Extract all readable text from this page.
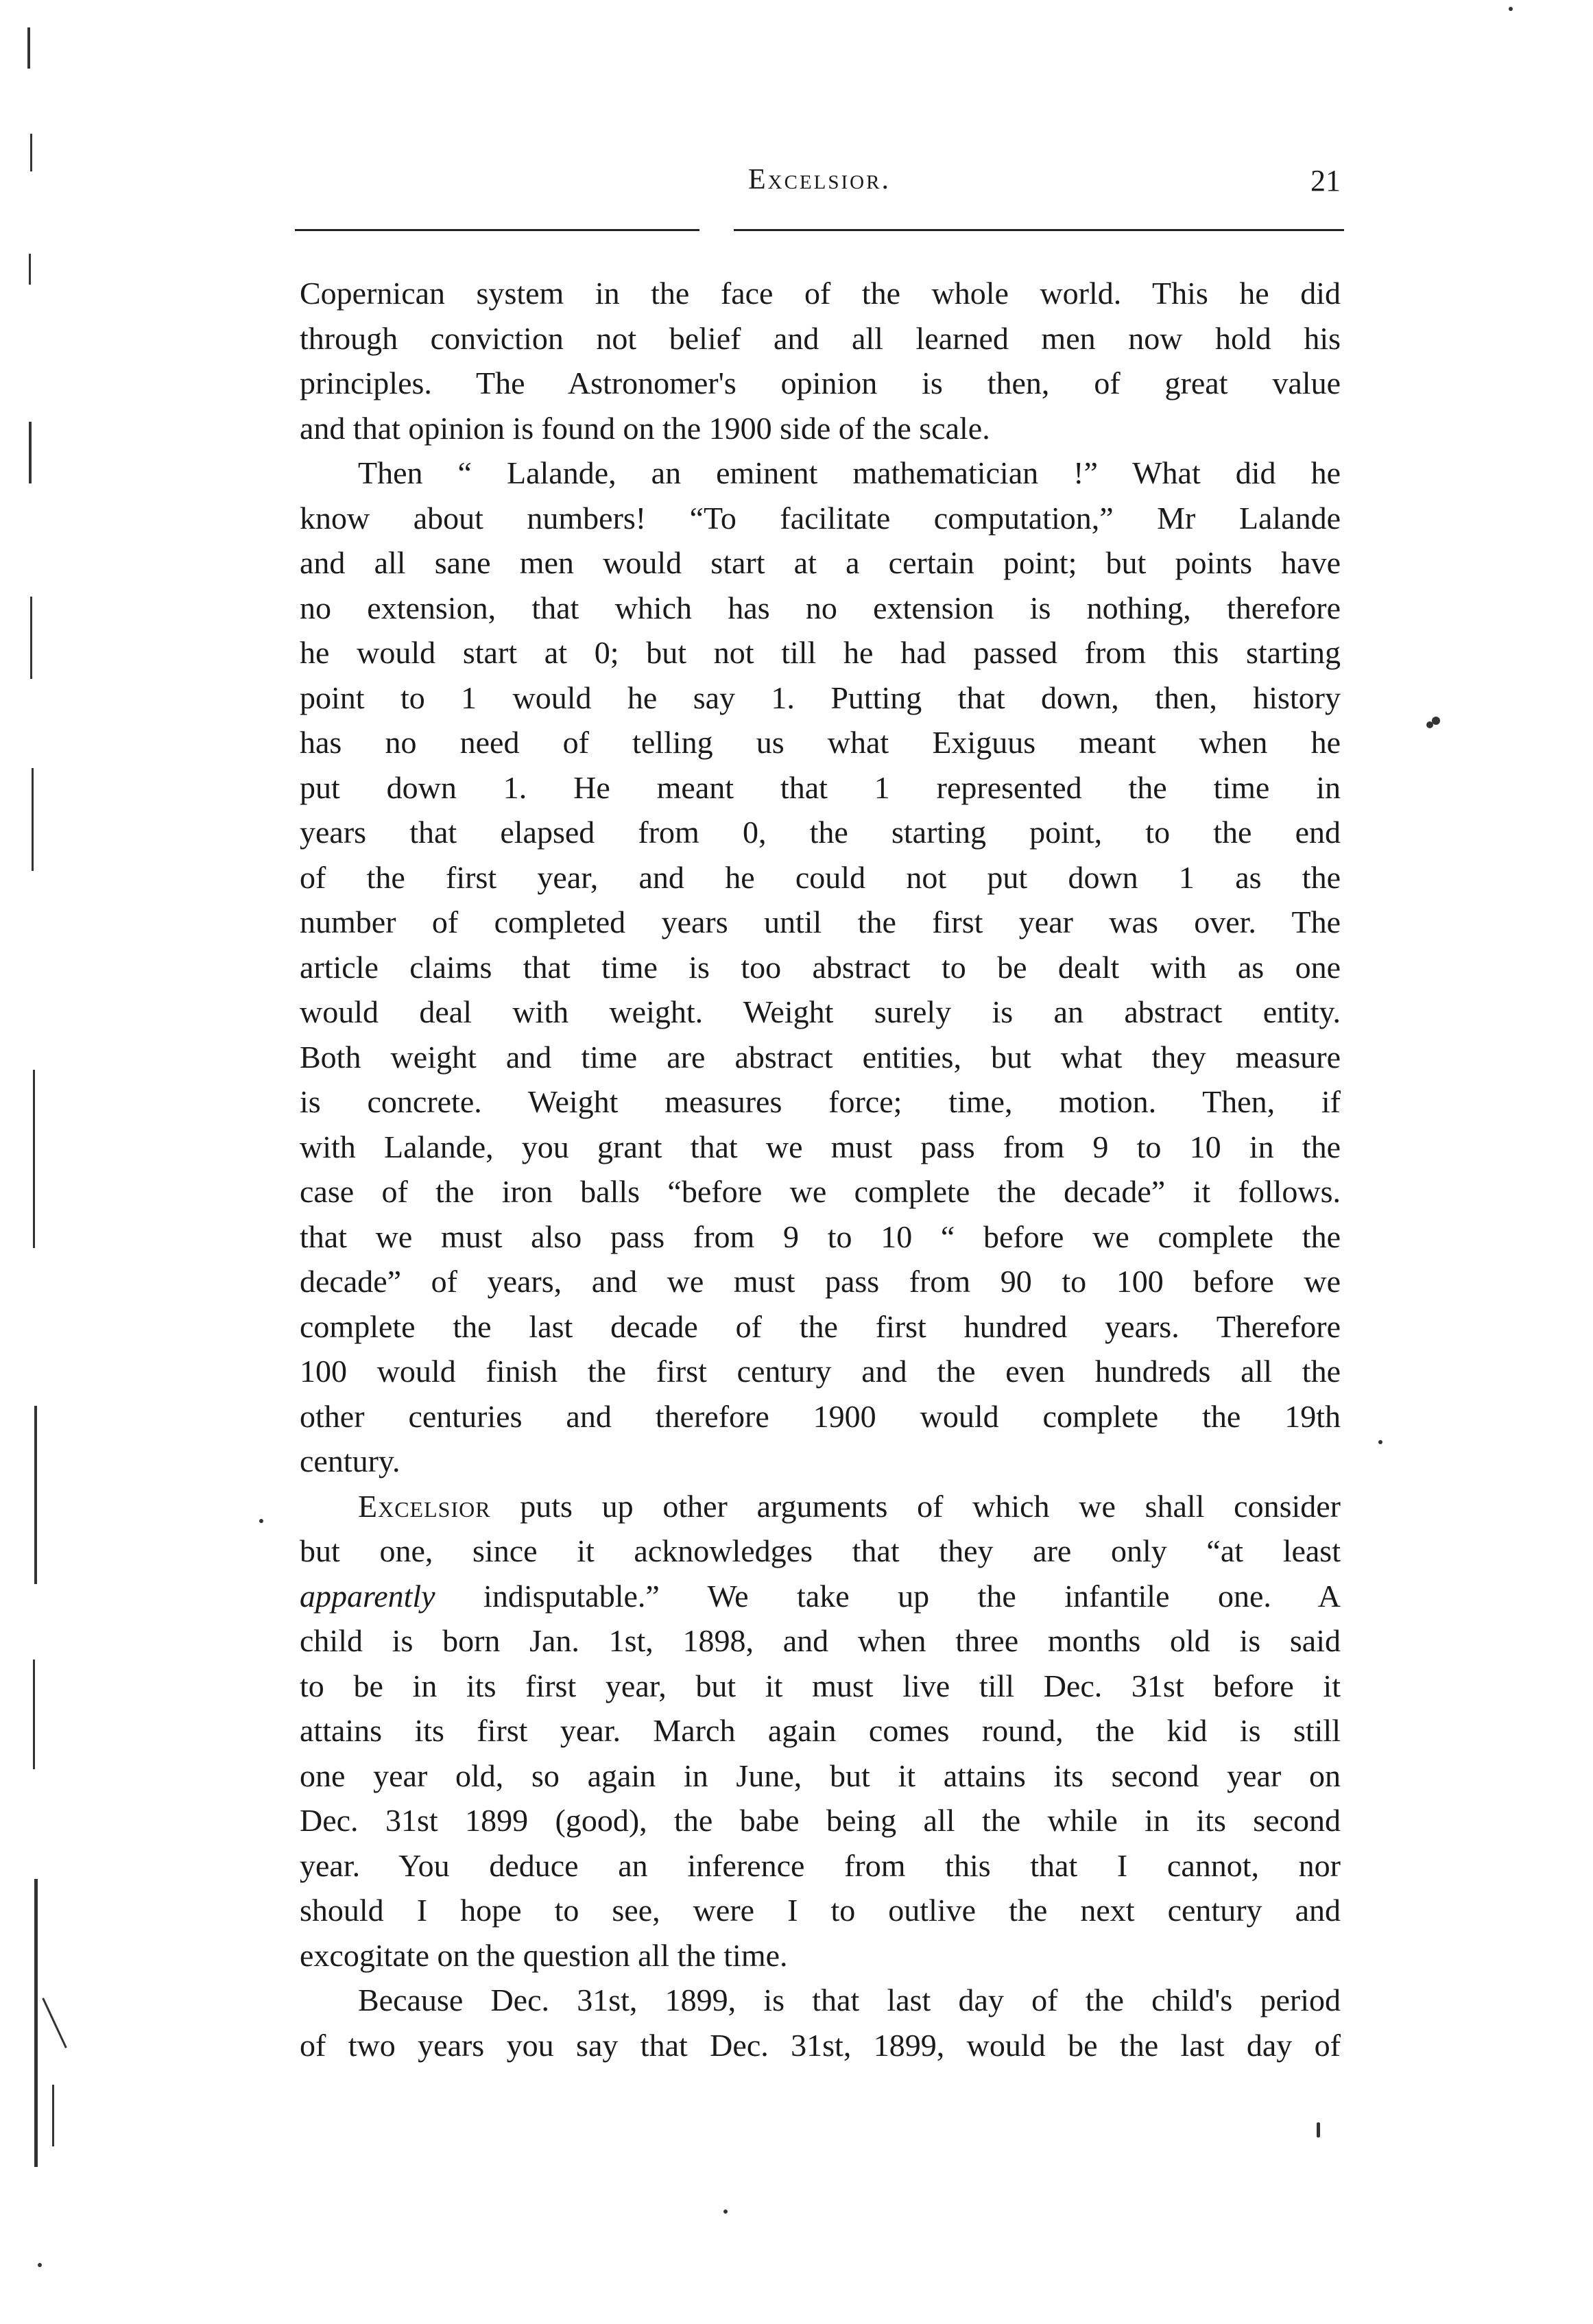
Excelsior.	21
Copernican system in the face of the whole world. This he did
through conviction not belief and all learned men now hold his
principles. The Astronomer's opinion is then, of great value
and that opinion is found on the 1900 side of the scale.
Then “ Lalande, an eminent mathematician !” What did he
know about numbers! “To facilitate computation,” Mr Lalande
and all sane men would start at a certain point; but points have
no extension, that which has no extension is nothing, therefore
he would start at 0; but not till he had passed from this starting
point to 1 would he say 1. Putting that down, then, history
has no need of telling us what Exiguus meant when he
put down 1. He meant that 1 represented the time in
years that elapsed from 0, the starting point, to the end
of the first year, and he could not put down 1 as the
number of completed years until the first year was over. The
article claims that time is too abstract to be dealt with as one
would deal with weight. Weight surely is an abstract entity.
Both weight and time are abstract entities, but what they measure
is concrete. Weight measures force; time, motion. Then, if
with Lalande, you grant that we must pass from 9 to 10 in the
case of the iron balls “before we complete the decade” it follows.
that we must also pass from 9 to 10 “ before we complete the
decade” of years, and we must pass from 90 to 100 before we
complete the last decade of the first hundred years. Therefore
100 would finish the first century and the even hundreds all the
other centuries and therefore 1900 would complete the 19th
century.
Excelsior puts up other arguments of which we shall consider
but one, since it acknowledges that they are only “at least
apparently indisputable.” We take up the infantile one. A
child is born Jan. 1st, 1898, and when three months old is said
to be in its first year, but it must live till Dec. 31st before it
attains its first year. March again comes round, the kid is still
one year old, so again in June, but it attains its second year on
Dec. 31st 1899 (good), the babe being all the while in its second
year. You deduce an inference from this that I cannot, nor
should I hope to see, were I to outlive the next century and
excogitate on the question all the time.
Because Dec. 31st, 1899, is that last day of the child's period
of two years you say that Dec. 31st, 1899, would be the last day of
